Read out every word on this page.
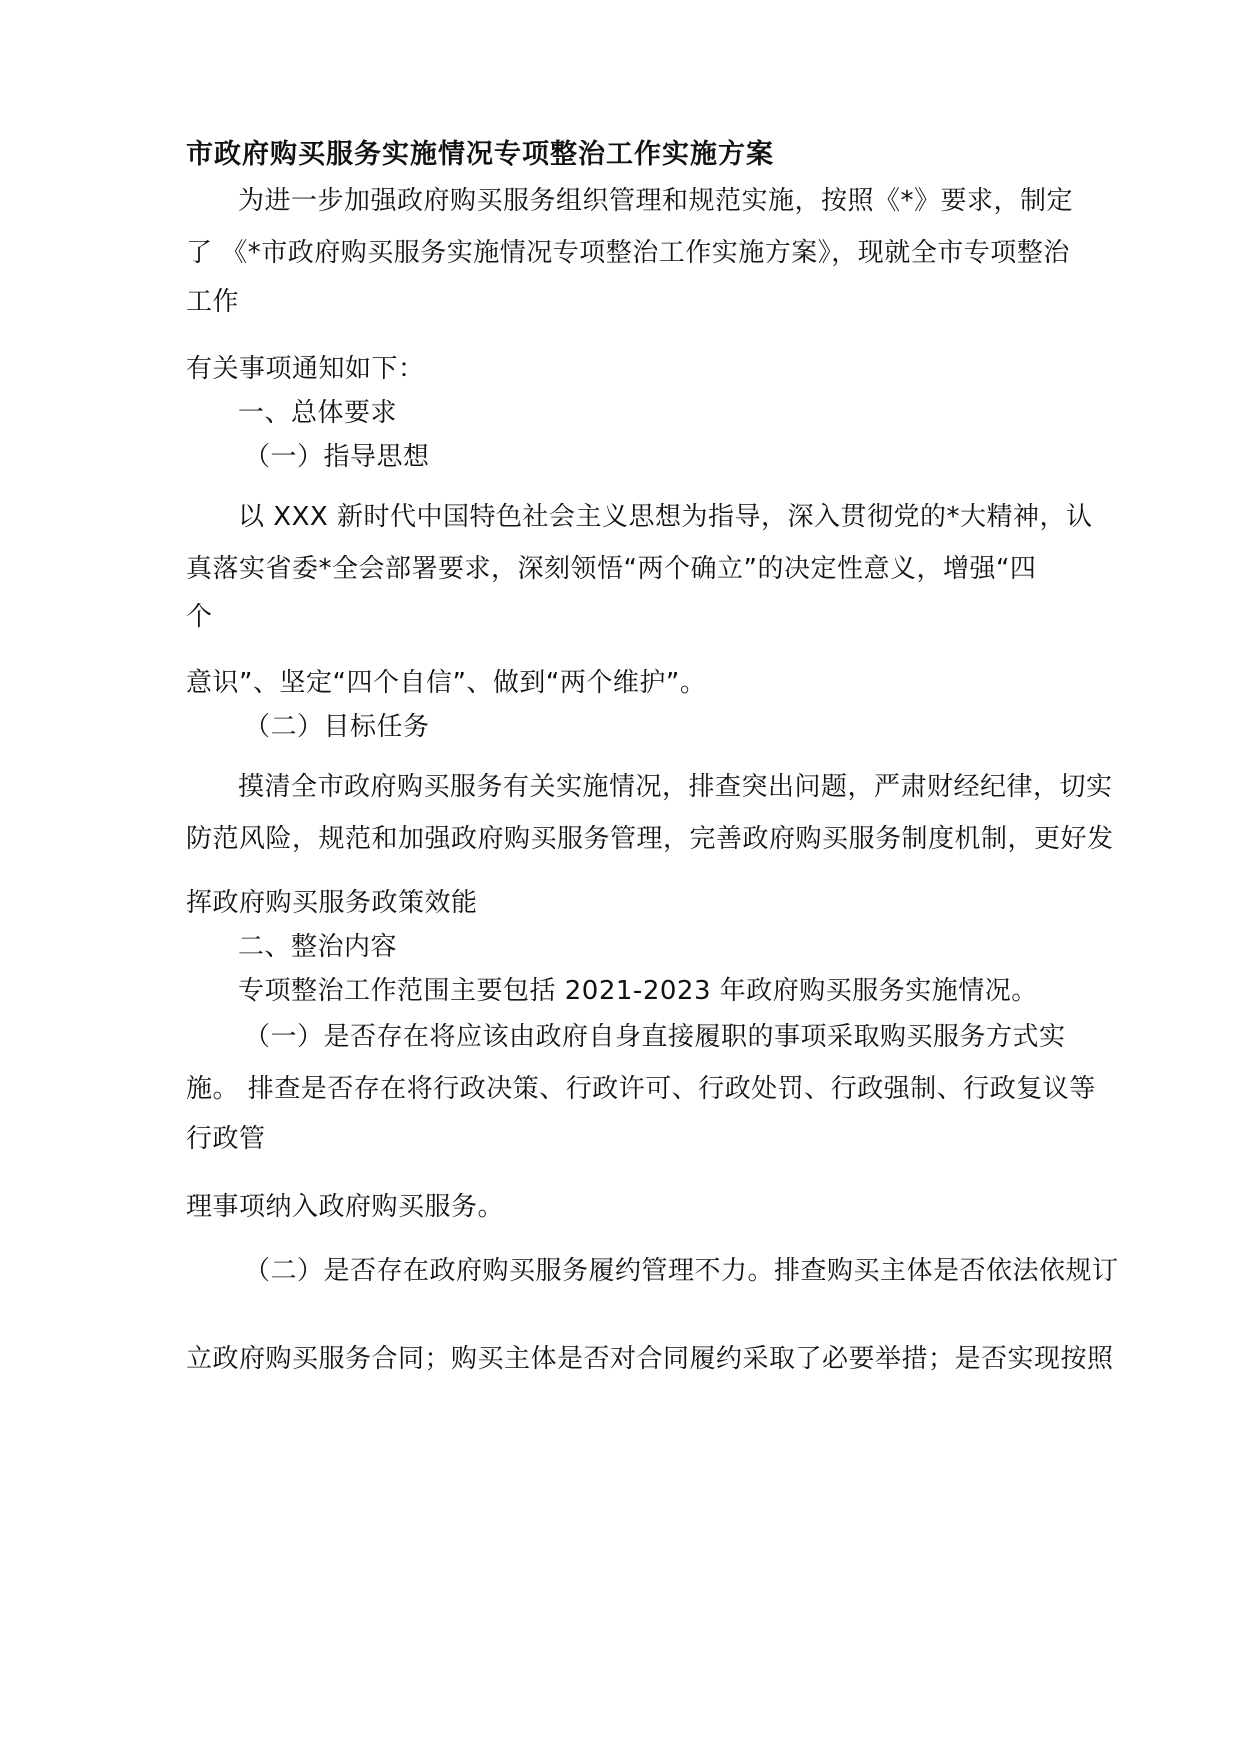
市政府购买服务实施情况专项整治工作实施方案

为进一步加强政府购买服务组织管理和规范实施，按照《*》要求，制定

了 《*市政府购买服务实施情况专项整治工作实施方案》，现就全市专项整治

工作

有关事项通知如下：

一、总体要求

（一）指导思想

以 XXX 新时代中国特色社会主义思想为指导，深入贯彻党的*大精神，认

真落实省委*全会部署要求，深刻领悟“两个确立”的决定性意义，增强“四

个

意识”、坚定“四个自信”、做到“两个维护”。

（二）目标任务

摸清全市政府购买服务有关实施情况，排查突出问题，严肃财经纪律，切实

防范风险，规范和加强政府购买服务管理，完善政府购买服务制度机制，更好发

挥政府购买服务政策效能

二、整治内容

专项整治工作范围主要包括 2021-2023 年政府购买服务实施情况。

（一）是否存在将应该由政府自身直接履职的事项采取购买服务方式实

施。 排查是否存在将行政决策、行政许可、行政处罚、行政强制、行政复议等

行政管

理事项纳入政府购买服务。

（二）是否存在政府购买服务履约管理不力。排查购买主体是否依法依规订

立政府购买服务合同；购买主体是否对合同履约采取了必要举措；是否实现按照
